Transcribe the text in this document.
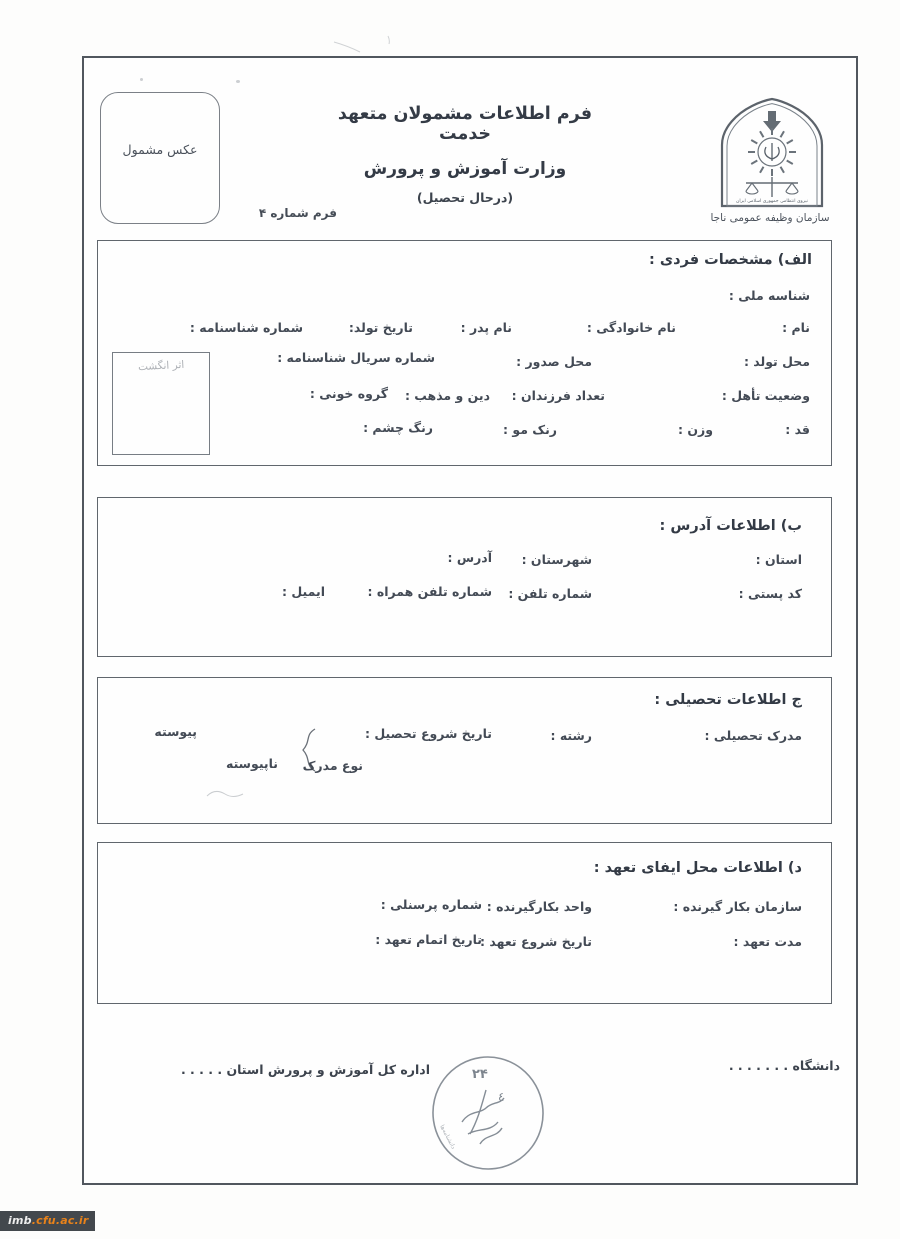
عکس مشمول
فرم شماره ۴
فرم اطلاعات مشمولان متعهد خدمت
وزارت آموزش و پرورش
(درحال تحصیل)	نیروی انتظامی جمهوری اسلامی ایران
سازمان وظیفه عمومی ناجا
الف) مشخصات فردی :
شناسه ملی :
نام :
نام خانوادگی :
نام پدر :
تاریخ تولد:
شماره شناسنامه :
محل تولد :
محل صدور :
شماره سریال شناسنامه :
اثر انگشت
وضعیت تأهل :
تعداد فرزندان :
دین و مذهب :
گروه خونی :
قد :
وزن :
رنک مو :
رنگ چشم :
ب) اطلاعات آدرس :
استان :
شهرستان :
آدرس :
کد پستی :
شماره تلفن :
شماره تلفن همراه :
ایمیل :
ج اطلاعات تحصیلی :
مدرک تحصیلی :
رشته :
تاریخ شروع تحصیل :
پیوسته
ناپیوسته نوع مدرک
د) اطلاعات محل ایفای تعهد :
سازمان بکار گیرنده :
واحد بکارگیرنده :
شماره پرسنلی :
مدت تعهد :
تاریخ شروع تعهد :
تاریخ اتمام تعهد :
دانشگاه . . . . . . .
اداره کل آموزش و پرورش استان . . . . .	۲۴
٤
دانشنامه‌ها
imb .cfu.ac.ir
